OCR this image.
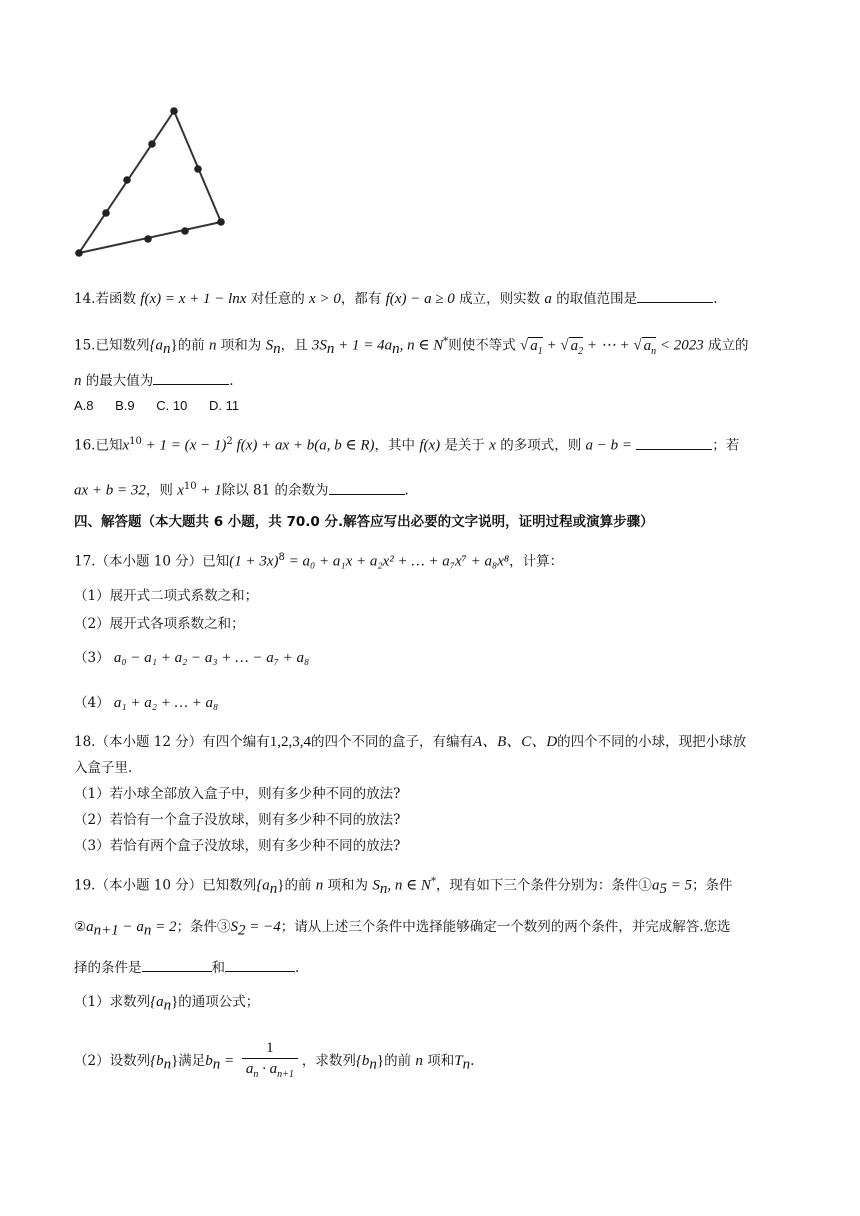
14.若函数 f(x) = x + 1 − lnx 对任意的 x > 0，都有 f(x) − a ≥ 0 成立，则实数 a 的取值范围是	.
15.已知数列$\{a_n\}$的前 n 项和为 $S_n$，且 $3S_n + 1 = 4a_n$, n ∈ N*则使不等式 √ $a_1$ + √ $a_2$ + ⋯ + √ $a_n < 2023$ 成立的
n 的最大值为	.
A.8 B.9 C. 10 D. 11
16.已知$x^{10} + 1 = (x - 1)^2$ f(x) + ax + b(a, b ∈ R)，其中 f(x) 是关于 x 的多项式，则 a − b =	；若
ax + b = 32，则 $x^{10} + 1$除以 81 的余数为	.
四、解答题（本大题共 6 小题，共 70.0 分.解答应写出必要的文字说明，证明过程或演算步骤）
17.（本小题 10 分）已知$(1 + 3x)^8 = a_0 + a_1x + a_2x^2$ + … + a₇x⁷ + a₈x⁸，计算：
（1）展开式二项式系数之和；
（2）展开式各项系数之和；
（3） a₀ − a₁ + a₂ − a₃ + … − a₇ + a₈
（4） a₁ + a₂ + … + a₈
18.（本小题 12 分）有四个编有1,2,3,4的四个不同的盒子，有编有A、B、C、D的四个不同的小球，现把小球放
入盒子里.
（1）若小球全部放入盒子中，则有多少种不同的放法?
（2）若恰有一个盒子没放球，则有多少种不同的放法?
（3）若恰有两个盒子没放球，则有多少种不同的放法?
19.（本小题 10 分）已知数列$\{a_n\}$的前 n 项和为 $S_n$, n ∈ N*，现有如下三个条件分别为：条件$①a_5 = 5$；条件
$②a_{n+1} - a_n = 2$；条件$③S_2 = -4$；请从上述三个条件中选择能够确定一个数列的两个条件，并完成解答.您选
择的条件是	和	.
（1）求数列$\{a_n\}$的通项公式；
（2）设数列$\{b_n\}$满足$b_n = \frac{1}{a_n \cdot a_{n+1}}$ ，求数列$\{b_n\}$的前 n 项和$T_n$.
